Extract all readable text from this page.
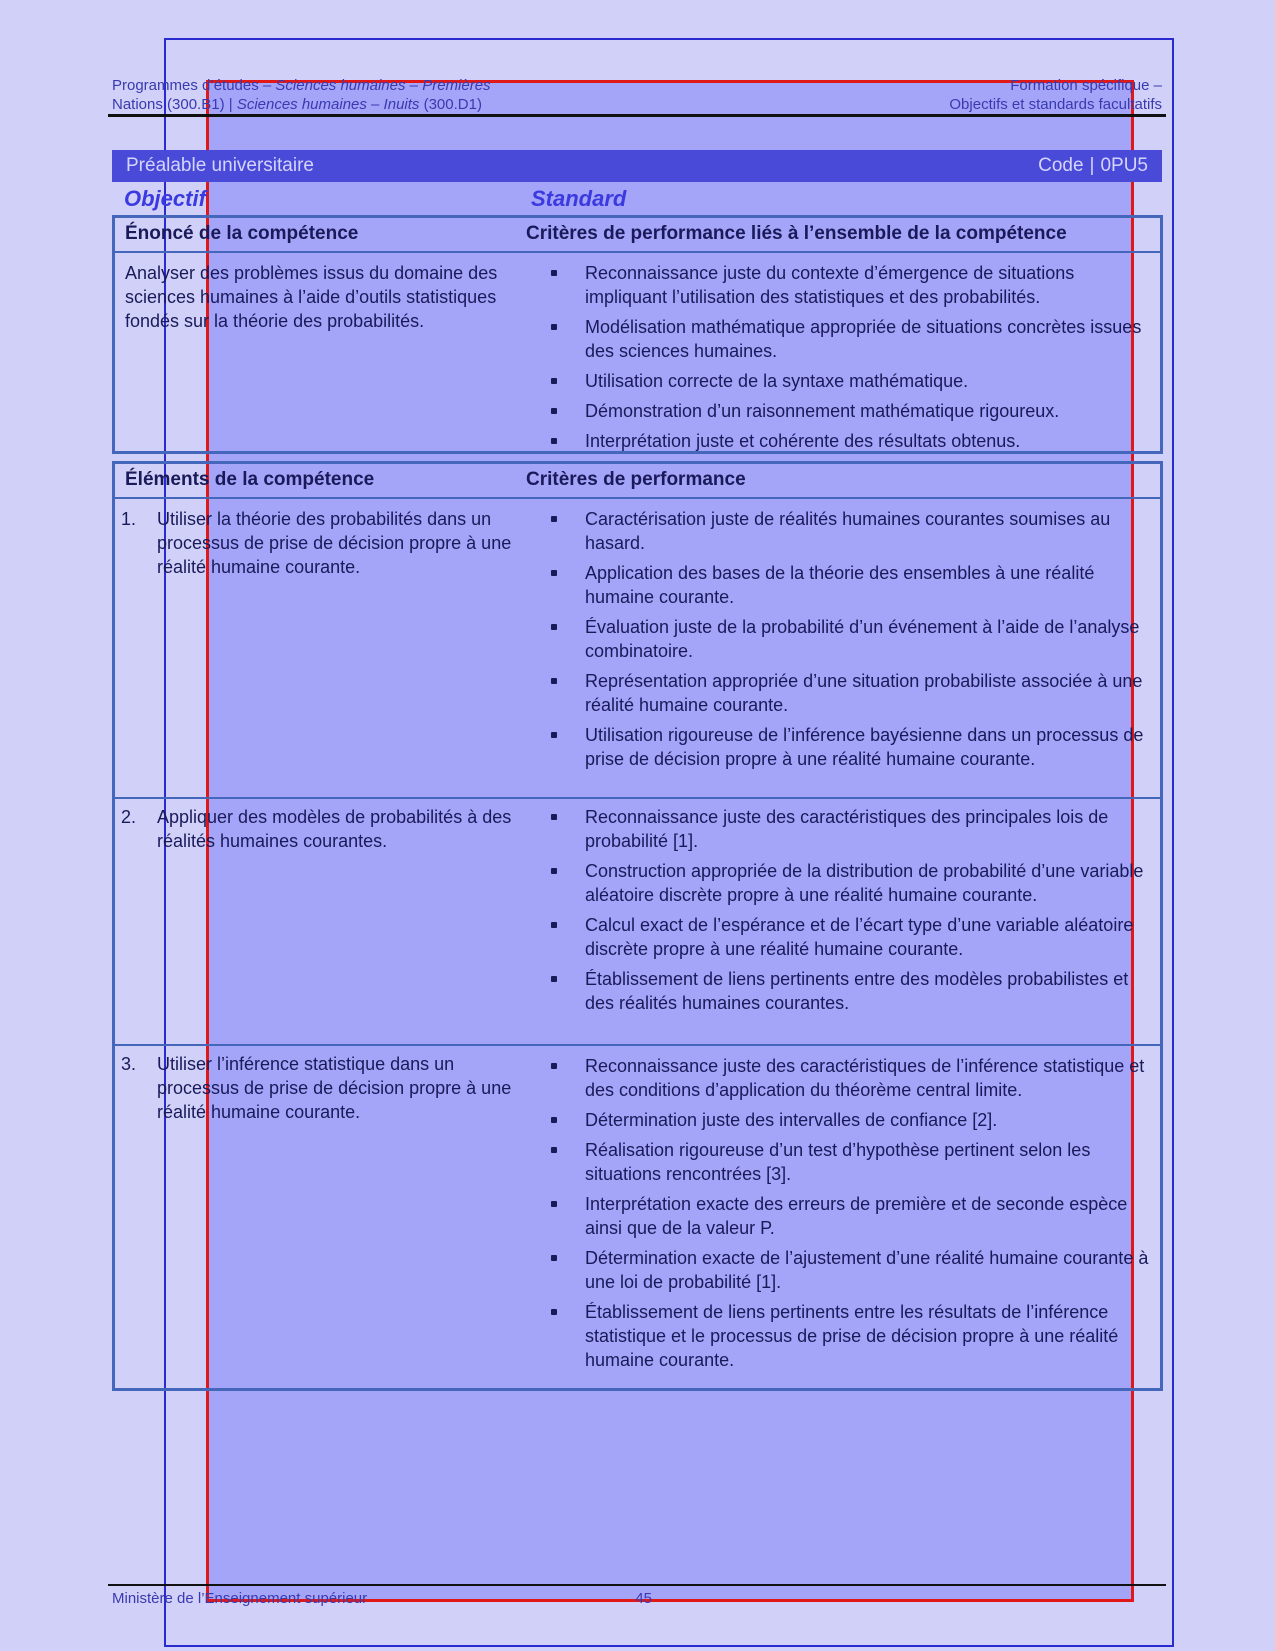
Programmes d’études – Sciences humaines – Premières	Formation spécifique –
Nations (300.B1) | Sciences humaines – Inuits (300.D1)	Objectifs et standards facultatifs
Préalable universitaire	Code | 0PU5
Objectif	Standard
Énoncé de la compétence	Critères de performance liés à l’ensemble de la compétence
Analyser des problèmes issus du domaine des sciences humaines à l’aide d’outils statistiques fondés sur la théorie des probabilités.
Reconnaissance juste du contexte d’émergence de situations impliquant l’utilisation des statistiques et des probabilités.
Modélisation mathématique appropriée de situations concrètes issues des sciences humaines.
Utilisation correcte de la syntaxe mathématique.
Démonstration d’un raisonnement mathématique rigoureux.
Interprétation juste et cohérente des résultats obtenus.
Éléments de la compétence	Critères de performance
1.	Utiliser la théorie des probabilités dans un processus de prise de décision propre à une réalité humaine courante.
Caractérisation juste de réalités humaines courantes soumises au hasard.
Application des bases de la théorie des ensembles à une réalité humaine courante.
Évaluation juste de la probabilité d’un événement à l’aide de l’analyse combinatoire.
Représentation appropriée d’une situation probabiliste associée à une réalité humaine courante.
Utilisation rigoureuse de l’inférence bayésienne dans un processus de prise de décision propre à une réalité humaine courante.
2.	Appliquer des modèles de probabilités à des réalités humaines courantes.
Reconnaissance juste des caractéristiques des principales lois de probabilité [1].
Construction appropriée de la distribution de probabilité d’une variable aléatoire discrète propre à une réalité humaine courante.
Calcul exact de l’espérance et de l’écart type d’une variable aléatoire discrète propre à une réalité humaine courante.
Établissement de liens pertinents entre des modèles probabilistes et des réalités humaines courantes.
3.	Utiliser l’inférence statistique dans un processus de prise de décision propre à une réalité humaine courante.
Reconnaissance juste des caractéristiques de l’inférence statistique et des conditions d’application du théorème central limite.
Détermination juste des intervalles de confiance [2].
Réalisation rigoureuse d’un test d’hypothèse pertinent selon les situations rencontrées [3].
Interprétation exacte des erreurs de première et de seconde espèce ainsi que de la valeur P.
Détermination exacte de l’ajustement d’une réalité humaine courante à une loi de probabilité [1].
Établissement de liens pertinents entre les résultats de l’inférence statistique et le processus de prise de décision propre à une réalité humaine courante.
Ministère de l’Enseignement supérieur	45
